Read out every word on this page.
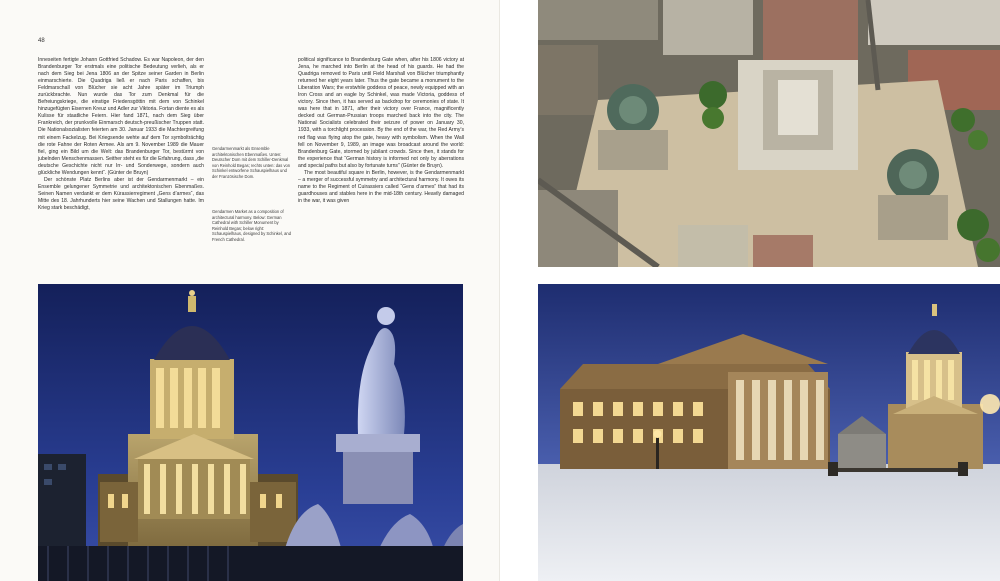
48

Inneseiten fertigte Johann Gottfried Schadow. Es war Napoleon, der den Brandenburger Tor erstmals eine politische Bedeutung verlieh, als er nach dem Sieg bei Jena 1806 an der Spitze seiner Garden in Berlin einmarschierte. Die Quadriga ließ er nach Paris schaffen, bis Feldmarschall von Blücher sie acht Jahre später im Triumph zurückbrachte. Nun wurde das Tor zum Denkmal für die Befreiungskriege, die einstige Friedensgöttin mit dem von Schinkel hinzugefügten Eisernen Kreuz und Adler zur Viktoria. Fortan diente es als Kulisse für staatliche Feiern. Hier fand 1871, nach dem Sieg über Frankreich, der prunkvolle Einmarsch deutsch-preußischer Truppen statt. Die Nationalsozialisten feierten am 30. Januar 1933 die Machtergreifung mit einem Fackelzug. Bei Kriegsende wehte auf dem Tor symbolträchtig die rote Fahne der Roten Armee. Als am 9. November 1989 die Mauer fiel, ging ein Bild um die Welt: das Brandenburger Tor, bestürmt von jubelnden Menschenmassen. Seither steht es für die Erfahrung, dass „die deutsche Geschichte nicht nur Irr- und Sonderwege, sondern auch glückliche Wendungen kennt“. (Günter de Bruyn)

Der schönste Platz Berlins aber ist der Gendarmenmarkt – ein Ensemble gelungener Symmetrie und architektonischen Ebenmaßes. Seinen Namen verdankt er dem Kürassierregiment „Gens d’armes“, das Mitte des 18. Jahrhunderts hier seine Wachen und Stallungen hatte. Im Krieg stark beschädigt,

Gendarmenmarkt als Ensemble architektonischen Ebenmaßes. Unten: Deutscher Dom mit dem Schiller-Denkmal von Reinhold Begas; rechts unten: das von Schinkel entworfene Schauspielhaus und der Französische Dom.

Gendarmen Market as a composition of architectural harmony. Below: German Cathedral with Schiller Monument by Reinhold Begas; below right: Schauspielhaus, designed by Schinkel, and French Cathedral.

political significance to Brandenburg Gate when, after his 1806 victory at Jena, he marched into Berlin at the head of his guards. He had the Quadriga removed to Paris until Field Marshall von Blücher triumphantly returned her eight years later. Thus the gate became a monument to the Liberation Wars; the erstwhile goddess of peace, newly equipped with an Iron Cross and an eagle by Schinkel, was made Victoria, goddess of victory. Since then, it has served as backdrop for ceremonies of state. It was here that in 1871, after their victory over France, magnificently decked out German-Prussian troops marched back into the city. The National Socialists celebrated their seizure of power on January 30, 1933, with a torchlight procession. By the end of the war, the Red Army’s red flag was flying atop the gate, heavy with symbolism. When the Wall fell on November 9, 1989, an image was broadcast around the world: Brandenburg Gate, stormed by jubilant crowds. Since then, it stands for the experience that “German history is informed not only by aberrations and special paths but also by fortunate turns” (Günter de Bruyn).

The most beautiful square in Berlin, however, is the Gendarmenmarkt – a merger of successful symmetry and architectural harmony. It owes its name to the Regiment of Cuirassiers called “Gens d’armes” that had its guardhouses and stables here in the mid-18th century. Heavily damaged in the war, it was given
